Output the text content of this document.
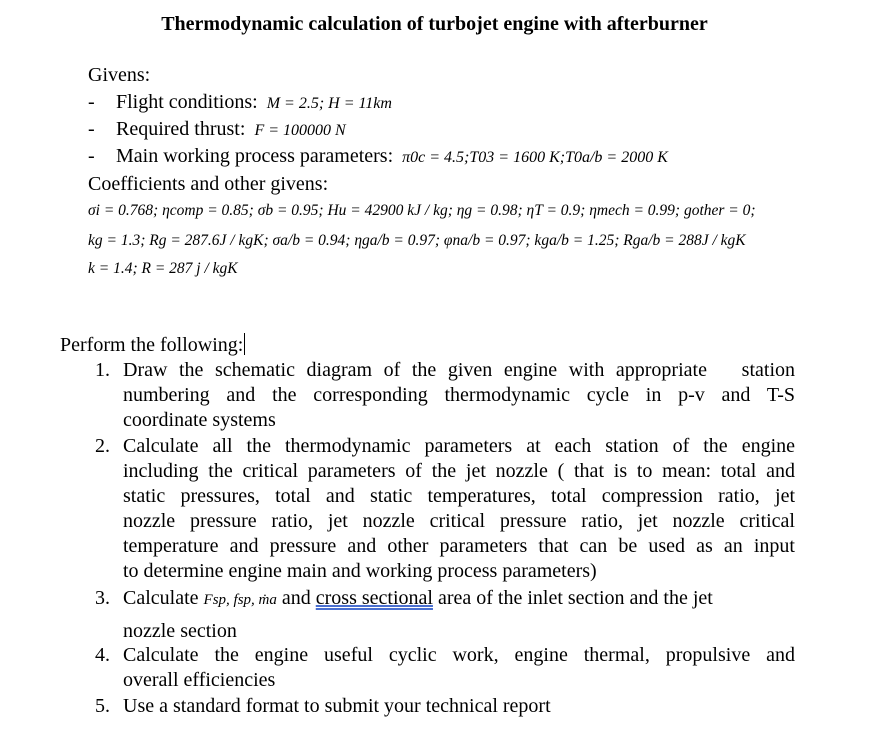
Thermodynamic calculation of turbojet engine with afterburner
Givens:
- Flight conditions: M = 2.5; H = 11km
- Required thrust: F = 100000 N
- Main working process parameters: π0c = 4.5;T03 = 1600 K;T0a/b = 2000 K
Coefficients and other givens:
σi = 0.768; ηcomp = 0.85; σb = 0.95; Hu = 42900 kJ / kg; ηg = 0.98; ηT = 0.9; ηmech = 0.99; gother = 0;
kg = 1.3; Rg = 287.6J / kgK; σa/b = 0.94; ηga/b = 0.97; φna/b = 0.97; kga/b = 1.25; Rga/b = 288J / kgK
k = 1.4; R = 287 j / kgK
Perform the following:
1. Draw the schematic diagram of the given engine with appropriate   station
numbering and the corresponding thermodynamic cycle in p-v and T-S
coordinate systems
2. Calculate all the thermodynamic parameters at each station of the engine
including the critical parameters of the jet nozzle ( that is to mean: total and
static pressures, total and static temperatures, total compression ratio, jet
nozzle pressure ratio, jet nozzle critical pressure ratio, jet nozzle critical
temperature and pressure and other parameters that can be used as an input
to determine engine main and working process parameters)
3. Calculate Fsp, fsp, ṁa and cross sectional area of the inlet section and the jet
nozzle section
4. Calculate the engine useful cyclic work, engine thermal, propulsive and
overall efficiencies
5. Use a standard format to submit your technical report
